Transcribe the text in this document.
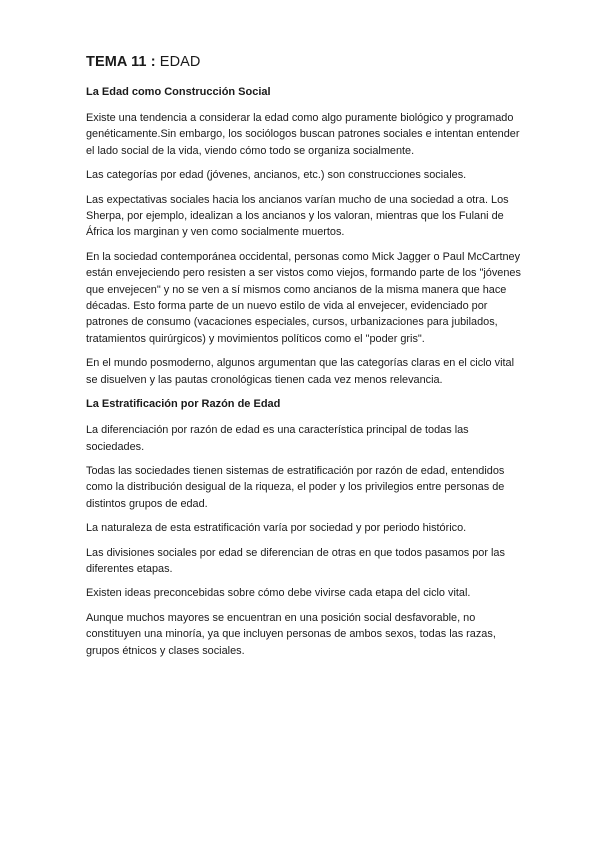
TEMA 11 : EDAD
La Edad como Construcción Social

Existe una tendencia a considerar la edad como algo puramente biológico y programado genéticamente.Sin embargo, los sociólogos buscan patrones sociales e intentan entender el lado social de la vida, viendo cómo todo se organiza socialmente.

Las categorías por edad (jóvenes, ancianos, etc.) son construcciones sociales.

Las expectativas sociales hacia los ancianos varían mucho de una sociedad a otra. Los Sherpa, por ejemplo, idealizan a los ancianos y los valoran, mientras que los Fulani de África los marginan y ven como socialmente muertos.

En la sociedad contemporánea occidental, personas como Mick Jagger o Paul McCartney están envejeciendo pero resisten a ser vistos como viejos, formando parte de los "jóvenes que envejecen" y no se ven a sí mismos como ancianos de la misma manera que hace décadas. Esto forma parte de un nuevo estilo de vida al envejecer, evidenciado por patrones de consumo (vacaciones especiales, cursos, urbanizaciones para jubilados, tratamientos quirúrgicos) y movimientos políticos como el "poder gris".

En el mundo posmoderno, algunos argumentan que las categorías claras en el ciclo vital se disuelven y las pautas cronológicas tienen cada vez menos relevancia.

La Estratificación por Razón de Edad

La diferenciación por razón de edad es una característica principal de todas las sociedades.

Todas las sociedades tienen sistemas de estratificación por razón de edad, entendidos como la distribución desigual de la riqueza, el poder y los privilegios entre personas de distintos grupos de edad.

La naturaleza de esta estratificación varía por sociedad y por periodo histórico.

Las divisiones sociales por edad se diferencian de otras en que todos pasamos por las diferentes etapas.

Existen ideas preconcebidas sobre cómo debe vivirse cada etapa del ciclo vital.

Aunque muchos mayores se encuentran en una posición social desfavorable, no constituyen una minoría, ya que incluyen personas de ambos sexos, todas las razas, grupos étnicos y clases sociales.
